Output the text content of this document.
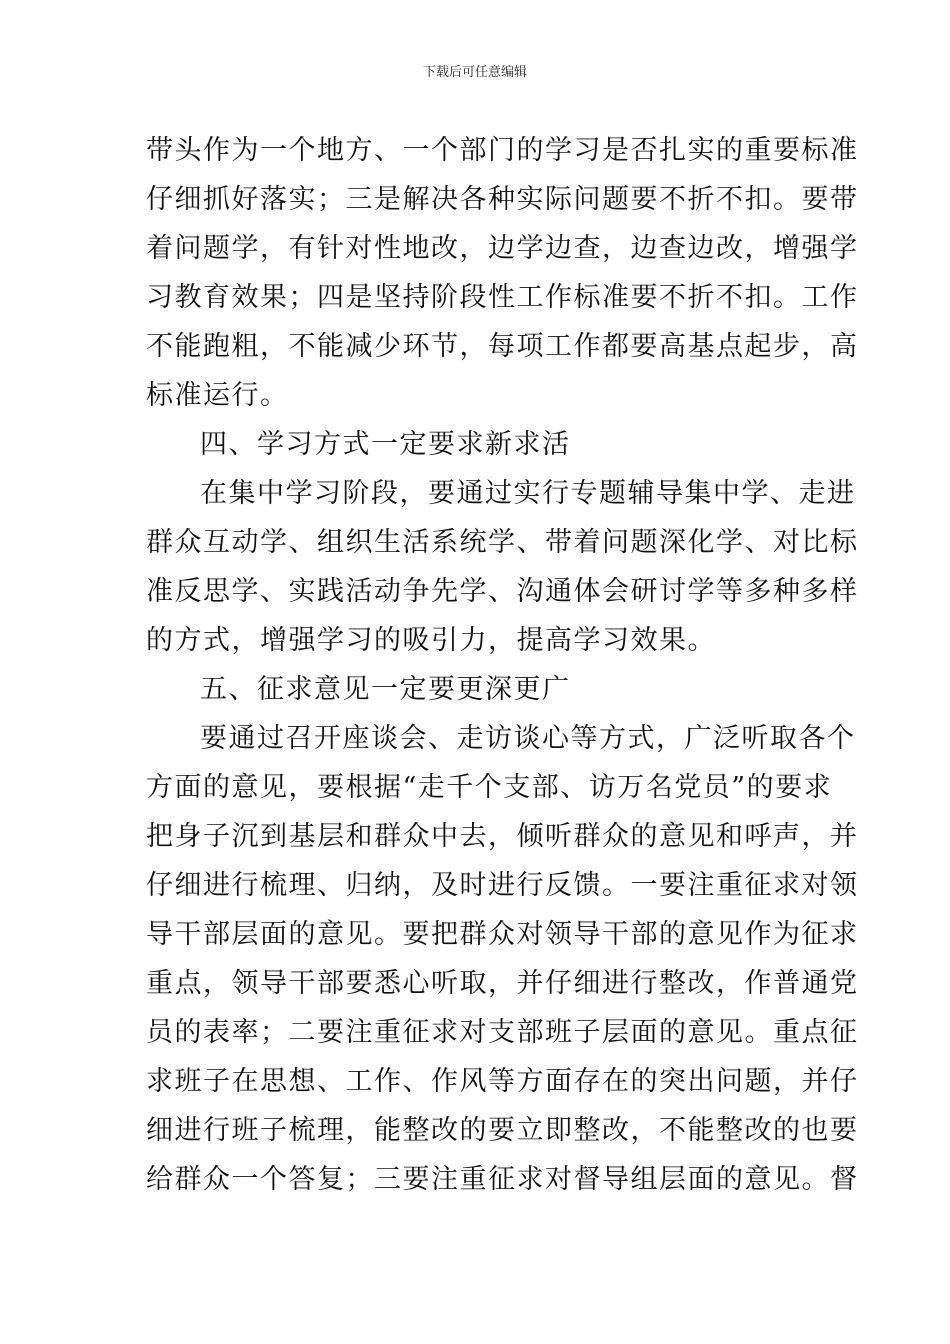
下载后可任意编辑
带头作为一个地方、一个部门的学习是否扎实的重要标准
仔细抓好落实；三是解决各种实际问题要不折不扣。要带
着问题学，有针对性地改，边学边查，边查边改，增强学
习教育效果；四是坚持阶段性工作标准要不折不扣。工作
不能跑粗，不能减少环节，每项工作都要高基点起步，高
标准运行。
四、学习方式一定要求新求活
在集中学习阶段，要通过实行专题辅导集中学、走进
群众互动学、组织生活系统学、带着问题深化学、对比标
准反思学、实践活动争先学、沟通体会研讨学等多种多样
的方式，增强学习的吸引力，提高学习效果。
五、征求意见一定要更深更广
要通过召开座谈会、走访谈心等方式，广泛听取各个
方面的意见，要根据“走千个支部、访万名党员”的要求
把身子沉到基层和群众中去，倾听群众的意见和呼声，并
仔细进行梳理、归纳，及时进行反馈。一要注重征求对领
导干部层面的意见。要把群众对领导干部的意见作为征求
重点，领导干部要悉心听取，并仔细进行整改，作普通党
员的表率；二要注重征求对支部班子层面的意见。重点征
求班子在思想、工作、作风等方面存在的突出问题，并仔
细进行班子梳理，能整改的要立即整改，不能整改的也要
给群众一个答复；三要注重征求对督导组层面的意见。督
